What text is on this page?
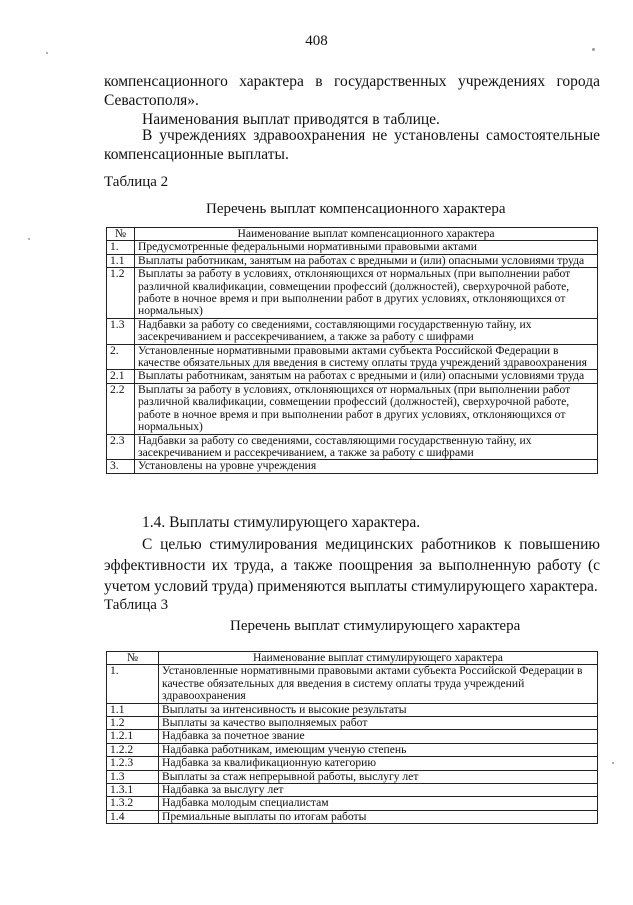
408
компенсационного характера в государственных учреждениях города Севастополя».
Наименования выплат приводятся в таблице.
В учреждениях здравоохранения не установлены самостоятельные компенсационные выплаты.
Таблица 2
Перечень выплат компенсационного характера
№	Наименование выплат компенсационного характера
1.	Предусмотренные федеральными нормативными правовыми актами
1.1	Выплаты работникам, занятым на работах с вредными и (или) опасными условиями труда
1.2	Выплаты за работу в условиях, отклоняющихся от нормальных (при выполнении работ различной квалификации, совмещении профессий (должностей), сверхурочной работе, работе в ночное время и при выполнении работ в других условиях, отклоняющихся от нормальных)
1.3	Надбавки за работу со сведениями, составляющими государственную тайну, их засекречиванием и рассекречиванием, а также за работу с шифрами
2.	Установленные нормативными правовыми актами субъекта Российской Федерации в качестве обязательных для введения в систему оплаты труда учреждений здравоохранения
2.1	Выплаты работникам, занятым на работах с вредными и (или) опасными условиями труда
2.2	Выплаты за работу в условиях, отклоняющихся от нормальных (при выполнении работ различной квалификации, совмещении профессий (должностей), сверхурочной работе, работе в ночное время и при выполнении работ в других условиях, отклоняющихся от нормальных)
2.3	Надбавки за работу со сведениями, составляющими государственную тайну, их засекречиванием и рассекречиванием, а также за работу с шифрами
3.	Установлены на уровне учреждения
1.4. Выплаты стимулирующего характера.
С целью стимулирования медицинских работников к повышению эффективности их труда, а также поощрения за выполненную работу (с учетом условий труда) применяются выплаты стимулирующего характера.
Таблица 3
Перечень выплат стимулирующего характера
№	Наименование выплат стимулирующего характера
1.	Установленные нормативными правовыми актами субъекта Российской Федерации в качестве обязательных для введения в систему оплаты труда учреждений здравоохранения
1.1	Выплаты за интенсивность и высокие результаты
1.2	Выплаты за качество выполняемых работ
1.2.1	Надбавка за почетное звание
1.2.2	Надбавка работникам, имеющим ученую степень
1.2.3	Надбавка за квалификационную категорию
1.3	Выплаты за стаж непрерывной работы, выслугу лет
1.3.1	Надбавка за выслугу лет
1.3.2	Надбавка молодым специалистам
1.4	Премиальные выплаты по итогам работы
